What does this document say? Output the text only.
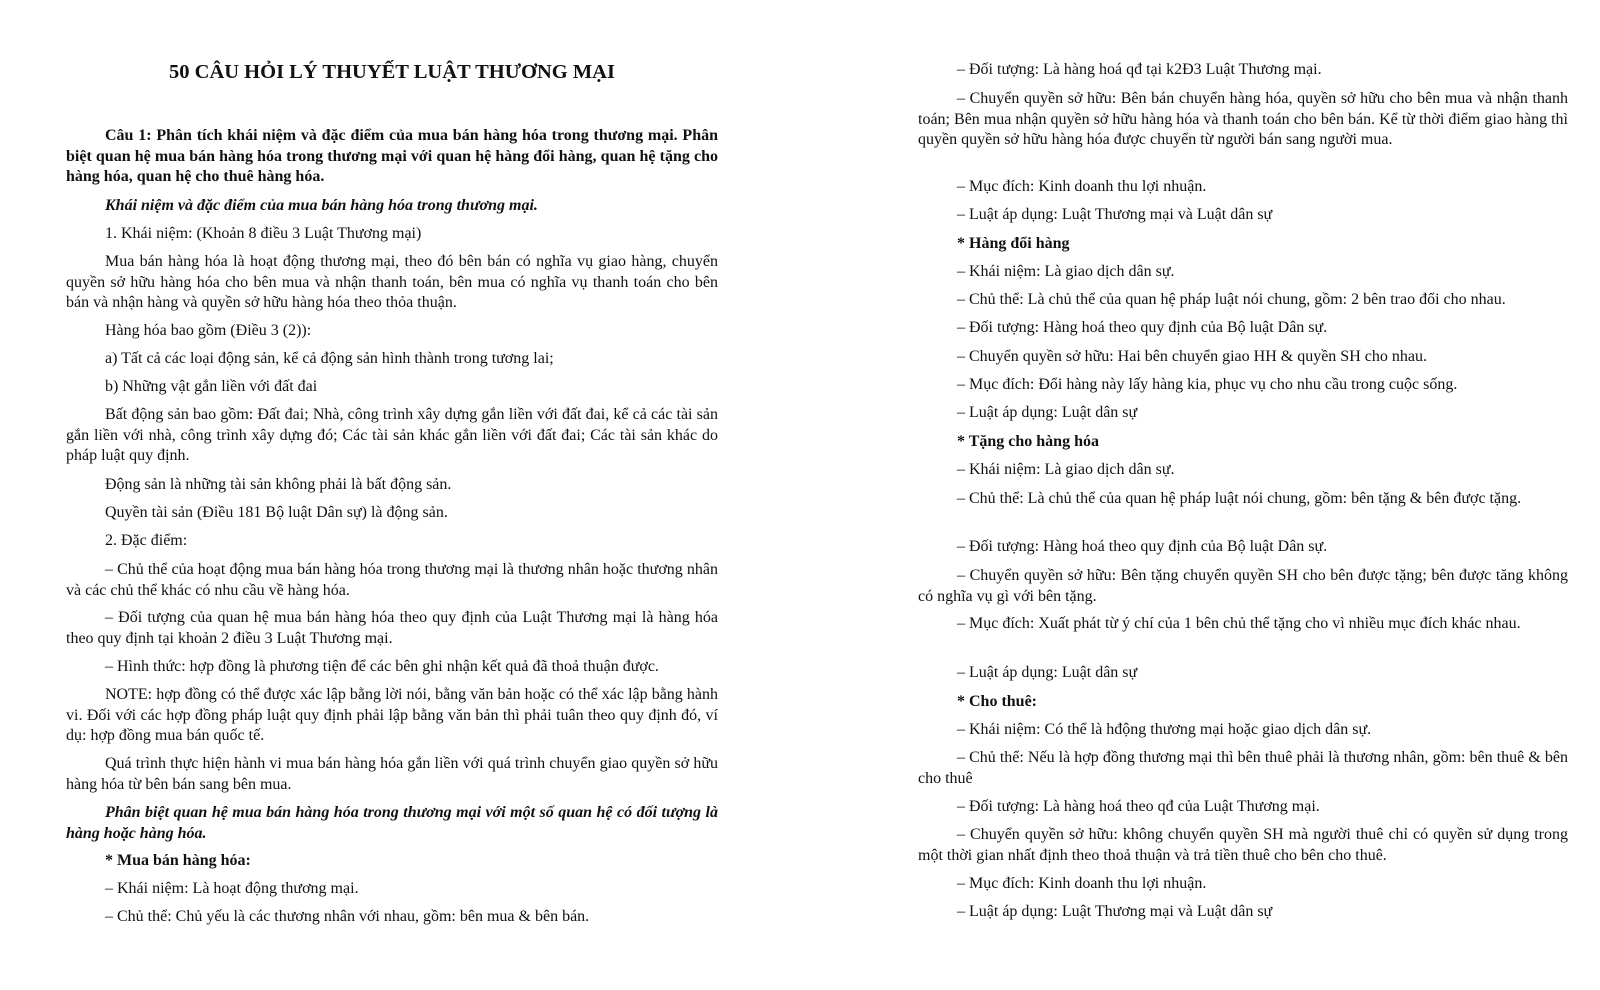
50 CÂU HỎI LÝ THUYẾT LUẬT THƯƠNG MẠI

Câu 1: Phân tích khái niệm và đặc điểm của mua bán hàng hóa trong thương mại. Phân biệt quan hệ mua bán hàng hóa trong thương mại với quan hệ hàng đổi hàng, quan hệ tặng cho hàng hóa, quan hệ cho thuê hàng hóa.

Khái niệm và đặc điểm của mua bán hàng hóa trong thương mại.

1. Khái niệm: (Khoản 8 điều 3 Luật Thương mại)

Mua bán hàng hóa là hoạt động thương mại, theo đó bên bán có nghĩa vụ giao hàng, chuyển quyền sở hữu hàng hóa cho bên mua và nhận thanh toán, bên mua có nghĩa vụ thanh toán cho bên bán và nhận hàng và quyền sở hữu hàng hóa theo thỏa thuận.

Hàng hóa bao gồm (Điều 3 (2)):

a) Tất cả các loại động sản, kể cả động sản hình thành trong tương lai;

b) Những vật gắn liền với đất đai

Bất động sản bao gồm: Đất đai; Nhà, công trình xây dựng gắn liền với đất đai, kể cả các tài sản gắn liền với nhà, công trình xây dựng đó; Các tài sản khác gắn liền với đất đai; Các tài sản khác do pháp luật quy định.

Động sản là những tài sản không phải là bất động sản.

Quyền tài sản (Điều 181 Bộ luật Dân sự) là động sản.

2. Đặc điểm:

– Chủ thể của hoạt động mua bán hàng hóa trong thương mại là thương nhân hoặc thương nhân và các chủ thể khác có nhu cầu về hàng hóa.

– Đối tượng của quan hệ mua bán hàng hóa theo quy định của Luật Thương mại là hàng hóa theo quy định tại khoản 2 điều 3 Luật Thương mại.

– Hình thức: hợp đồng là phương tiện để các bên ghi nhận kết quả đã thoả thuận được.

NOTE: hợp đồng có thể được xác lập bằng lời nói, bằng văn bản hoặc có thể xác lập bằng hành vi. Đối với các hợp đồng pháp luật quy định phải lập bằng văn bản thì phải tuân theo quy định đó, ví dụ: hợp đồng mua bán quốc tế.

Quá trình thực hiện hành vi mua bán hàng hóa gắn liền với quá trình chuyển giao quyền sở hữu hàng hóa từ bên bán sang bên mua.

Phân biệt quan hệ mua bán hàng hóa trong thương mại với một số quan hệ có đối tượng là hàng hoặc hàng hóa.

* Mua bán hàng hóa:

– Khái niệm: Là hoạt động thương mại.

– Chủ thể: Chủ yếu là các thương nhân với nhau, gồm: bên mua & bên bán.

– Đối tượng: Là hàng hoá qđ tại k2Đ3 Luật Thương mại.

– Chuyển quyền sở hữu: Bên bán chuyển hàng hóa, quyền sở hữu cho bên mua và nhận thanh toán; Bên mua nhận quyền sở hữu hàng hóa và thanh toán cho bên bán. Kể từ thời điểm giao hàng thì quyền quyền sở hữu hàng hóa được chuyển từ người bán sang người mua.

– Mục đích: Kinh doanh thu lợi nhuận.

– Luật áp dụng: Luật Thương mại và Luật dân sự

* Hàng đổi hàng

– Khái niệm: Là giao dịch dân sự.

– Chủ thể: Là chủ thể của quan hệ pháp luật nói chung, gồm: 2 bên trao đổi cho nhau.

– Đối tượng: Hàng hoá theo quy định của Bộ luật Dân sự.

– Chuyển quyền sở hữu: Hai bên chuyển giao HH & quyền SH cho nhau.

– Mục đích: Đổi hàng này lấy hàng kia, phục vụ cho nhu cầu trong cuộc sống.

– Luật áp dụng: Luật dân sự

* Tặng cho hàng hóa

– Khái niệm: Là giao dịch dân sự.

– Chủ thể: Là chủ thể của quan hệ pháp luật nói chung, gồm: bên tặng & bên được tặng.

– Đối tượng: Hàng hoá theo quy định của Bộ luật Dân sự.

– Chuyển quyền sở hữu: Bên tặng chuyển quyền SH cho bên được tặng; bên được tăng không có nghĩa vụ gì với bên tặng.

– Mục đích: Xuất phát từ ý chí của 1 bên chủ thể tặng cho vì nhiều mục đích khác nhau.

– Luật áp dụng: Luật dân sự

* Cho thuê:

– Khái niệm: Có thể là hđộng thương mại hoặc giao dịch dân sự.

– Chủ thể: Nếu là hợp đồng thương mại thì bên thuê phải là thương nhân, gồm: bên thuê & bên cho thuê

– Đối tượng: Là hàng hoá theo qđ của Luật Thương mại.

– Chuyển quyền sở hữu: không chuyển quyền SH mà người thuê chỉ có quyền sử dụng trong một thời gian nhất định theo thoả thuận và trả tiền thuê cho bên cho thuê.

– Mục đích: Kinh doanh thu lợi nhuận.

– Luật áp dụng: Luật Thương mại và Luật dân sự
